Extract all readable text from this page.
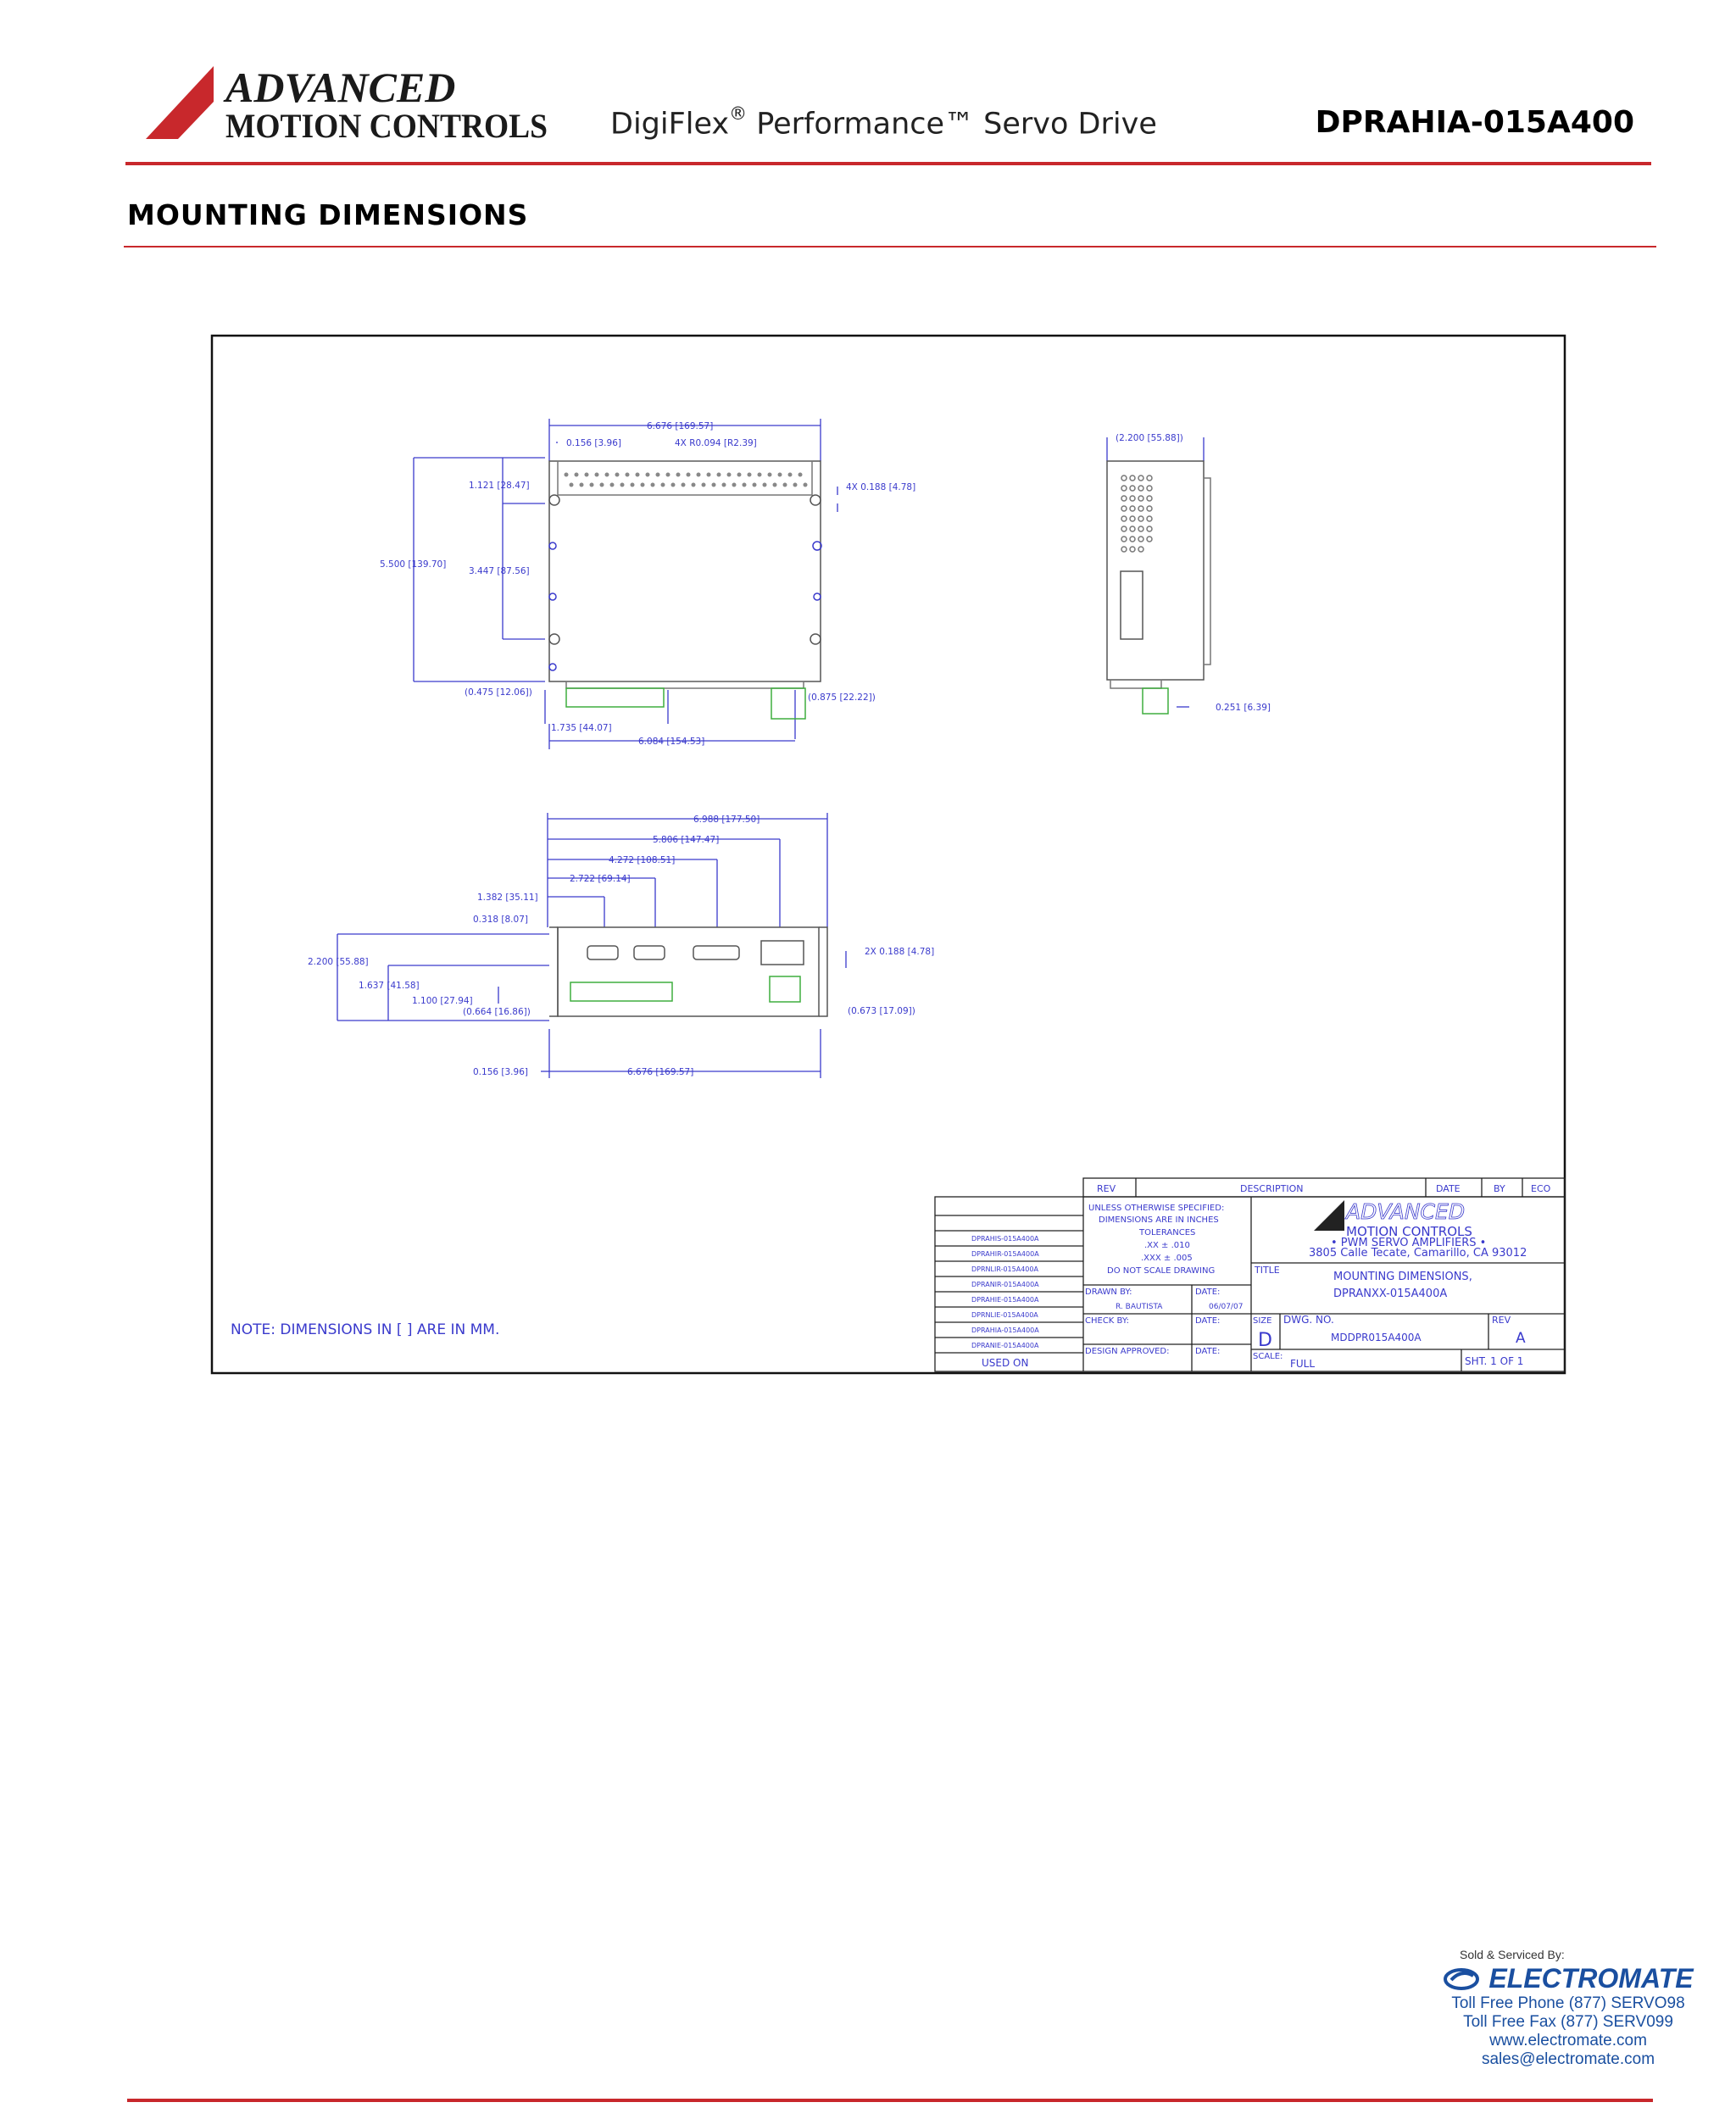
ADVANCED
MOTION CONTROLS DigiFlex® Performance™ Servo Drive	DPRAHIA-015A400
MOUNTING DIMENSIONS
6.676 [169.57]
0.156 [3.96]	4X R0.094 [R2.39]
1.121 [28.47]	4X 0.188 [4.78]
5.500 [139.70]
3.447 [87.56]
(0.475 [12.06])	(0.875 [22.22])
1.735 [44.07]
6.084 [154.53]
(2.200 [55.88])
0.251 [6.39]
6.988 [177.50]
5.806 [147.47]
4.272 [108.51]
2.722 [69.14]
1.382 [35.11]
0.318 [8.07]
2.200 [55.88]
1.637 [41.58]
1.100 [27.94]
(0.664 [16.86])
2X 0.188 [4.78]
(0.673 [17.09])
0.156 [3.96]	6.676 [169.57]
NOTE: DIMENSIONS IN [ ] ARE IN MM.
REV	DESCRIPTION	DATE	BY	ECO
DPRAHIS-015A400A
DPRAHIR-015A400A
DPRNLIR-015A400A
DPRANIR-015A400A
DPRAHIE-015A400A
DPRNLIE-015A400A
DPRAHIA-015A400A
DPRANIE-015A400A
USED ON
UNLESS OTHERWISE SPECIFIED:
DIMENSIONS ARE IN INCHES
TOLERANCES
.XX ± .010
.XXX ± .005
DO NOT SCALE DRAWING
ADVANCED
MOTION CONTROLS
• PWM SERVO AMPLIFIERS •
3805 Calle Tecate, Camarillo, CA 93012
TITLE
MOUNTING DIMENSIONS,
DPRANXX-015A400A
DRAWN BY:
R. BAUTISTA
DATE:
06/07/07
CHECK BY:	DATE:
DESIGN APPROVED:	DATE:
SIZE
D
DWG. NO.
MDDPR015A400A
REV
A
SCALE:
FULL	SHT. 1 OF 1
Sold & Serviced By:
ELECTROMATE
Toll Free Phone (877) SERVO98
Toll Free Fax (877) SERV099
www.electromate.com
sales@electromate.com
